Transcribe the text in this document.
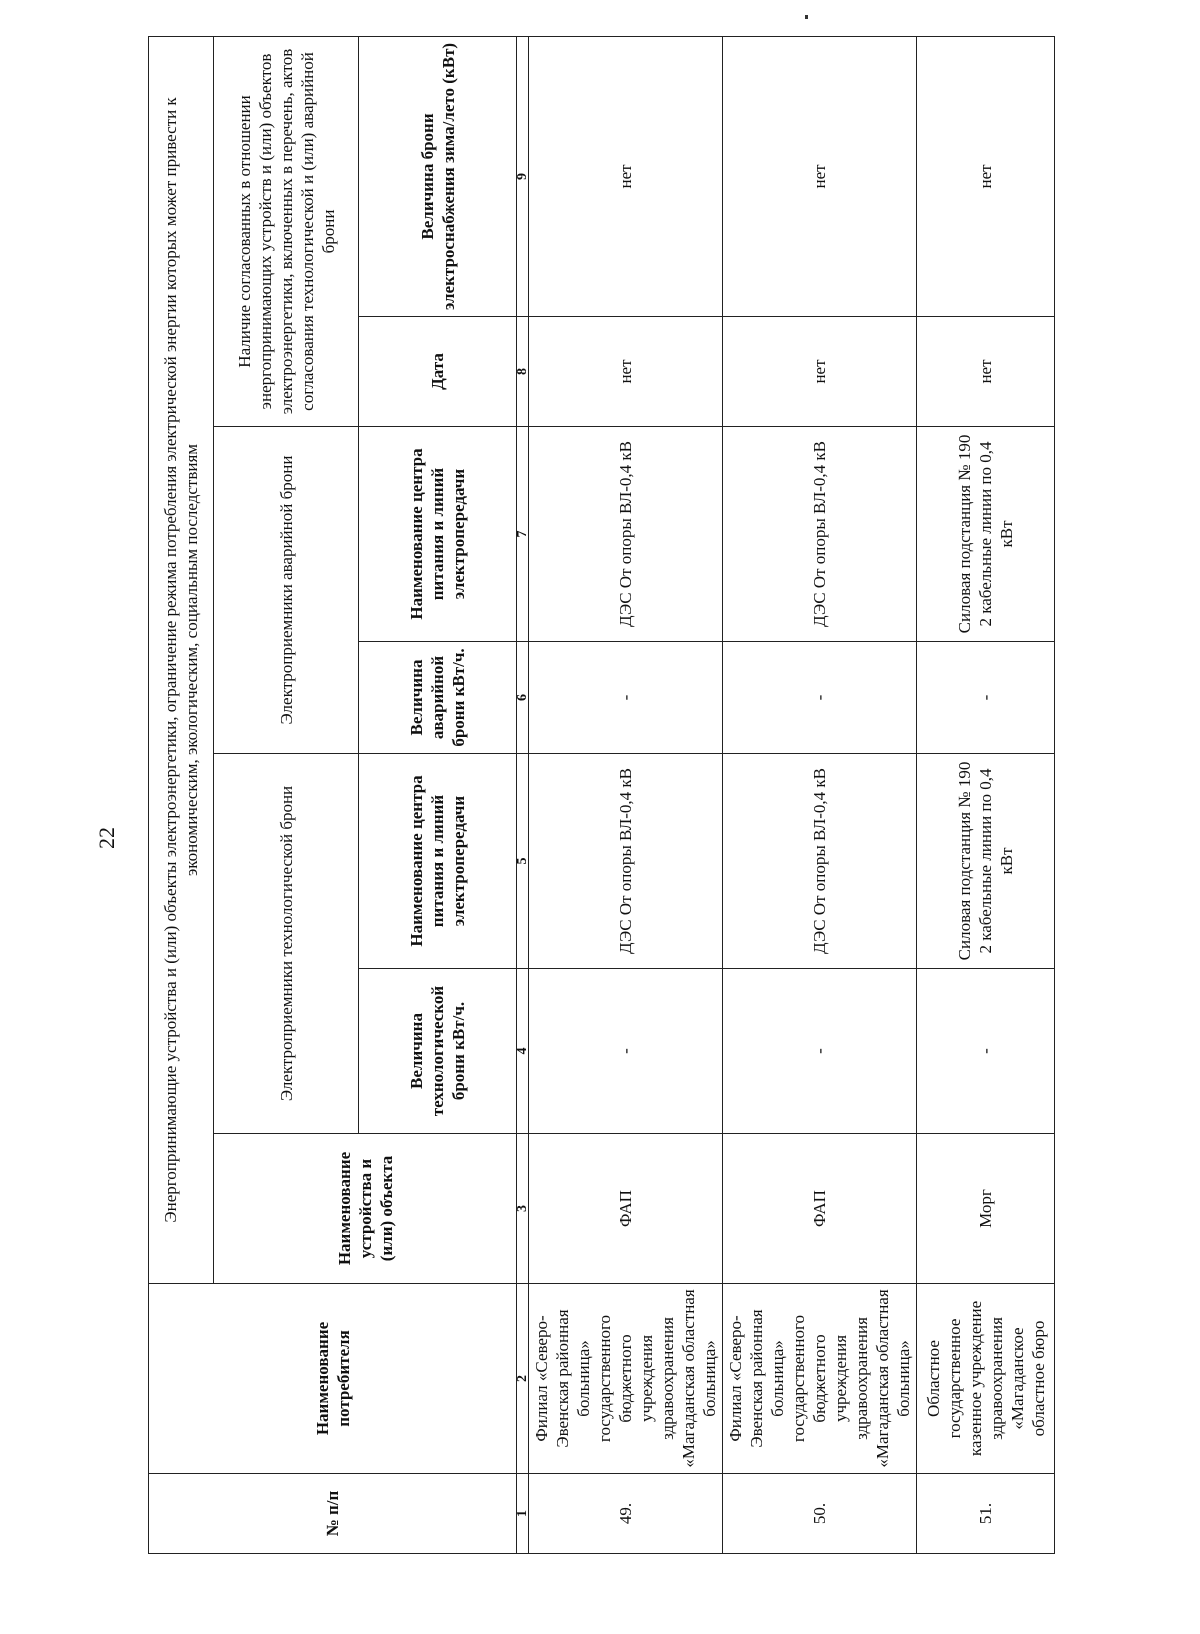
22
№ п/п	Наименование потребителя	Энергопринимающие устройства и (или) объекты электроэнергетики, ограничение режима потребления электрической энергии которых может привести к экономическим, экологическим, социальным последствиям						
		Наименование устройства и (или) объекта	Электроприемники технологической брони		Электроприемники аварийной брони		Наличие согласованных в отношении энергопринимающих устройств и (или) объектов электроэнергетики, включенных в перечень, актов согласования технологической и (или) аварийной брони	
			Величина технологической брони кВт/ч.	Наименование центра питания и линий электропередачи	Величина аварийной брони кВт/ч.	Наименование центра питания и линий электропередачи	Дата	Величина брони электроснабжения зима/лето (кВт)
1	2	3	4	5	6	7	8	9
49.	Филиал «Северо-Эвенская районная больница» государственного бюджетного учреждения здравоохранения «Магаданская областная больница»	ФАП	-	ДЭС От опоры ВЛ-0,4 кВ	-	ДЭС От опоры ВЛ-0,4 кВ	нет	нет
50.	Филиал «Северо-Эвенская районная больница» государственного бюджетного учреждения здравоохранения «Магаданская областная больница»	ФАП	-	ДЭС От опоры ВЛ-0,4 кВ	-	ДЭС От опоры ВЛ-0,4 кВ	нет	нет
51.	Областное государственное казенное учреждение здравоохранения «Магаданское областное бюро	Морг	-	Силовая подстанция № 190 2 кабельные линии по 0,4 кВт	-	Силовая подстанция № 190 2 кабельные линии по 0,4 кВт	нет	нет
